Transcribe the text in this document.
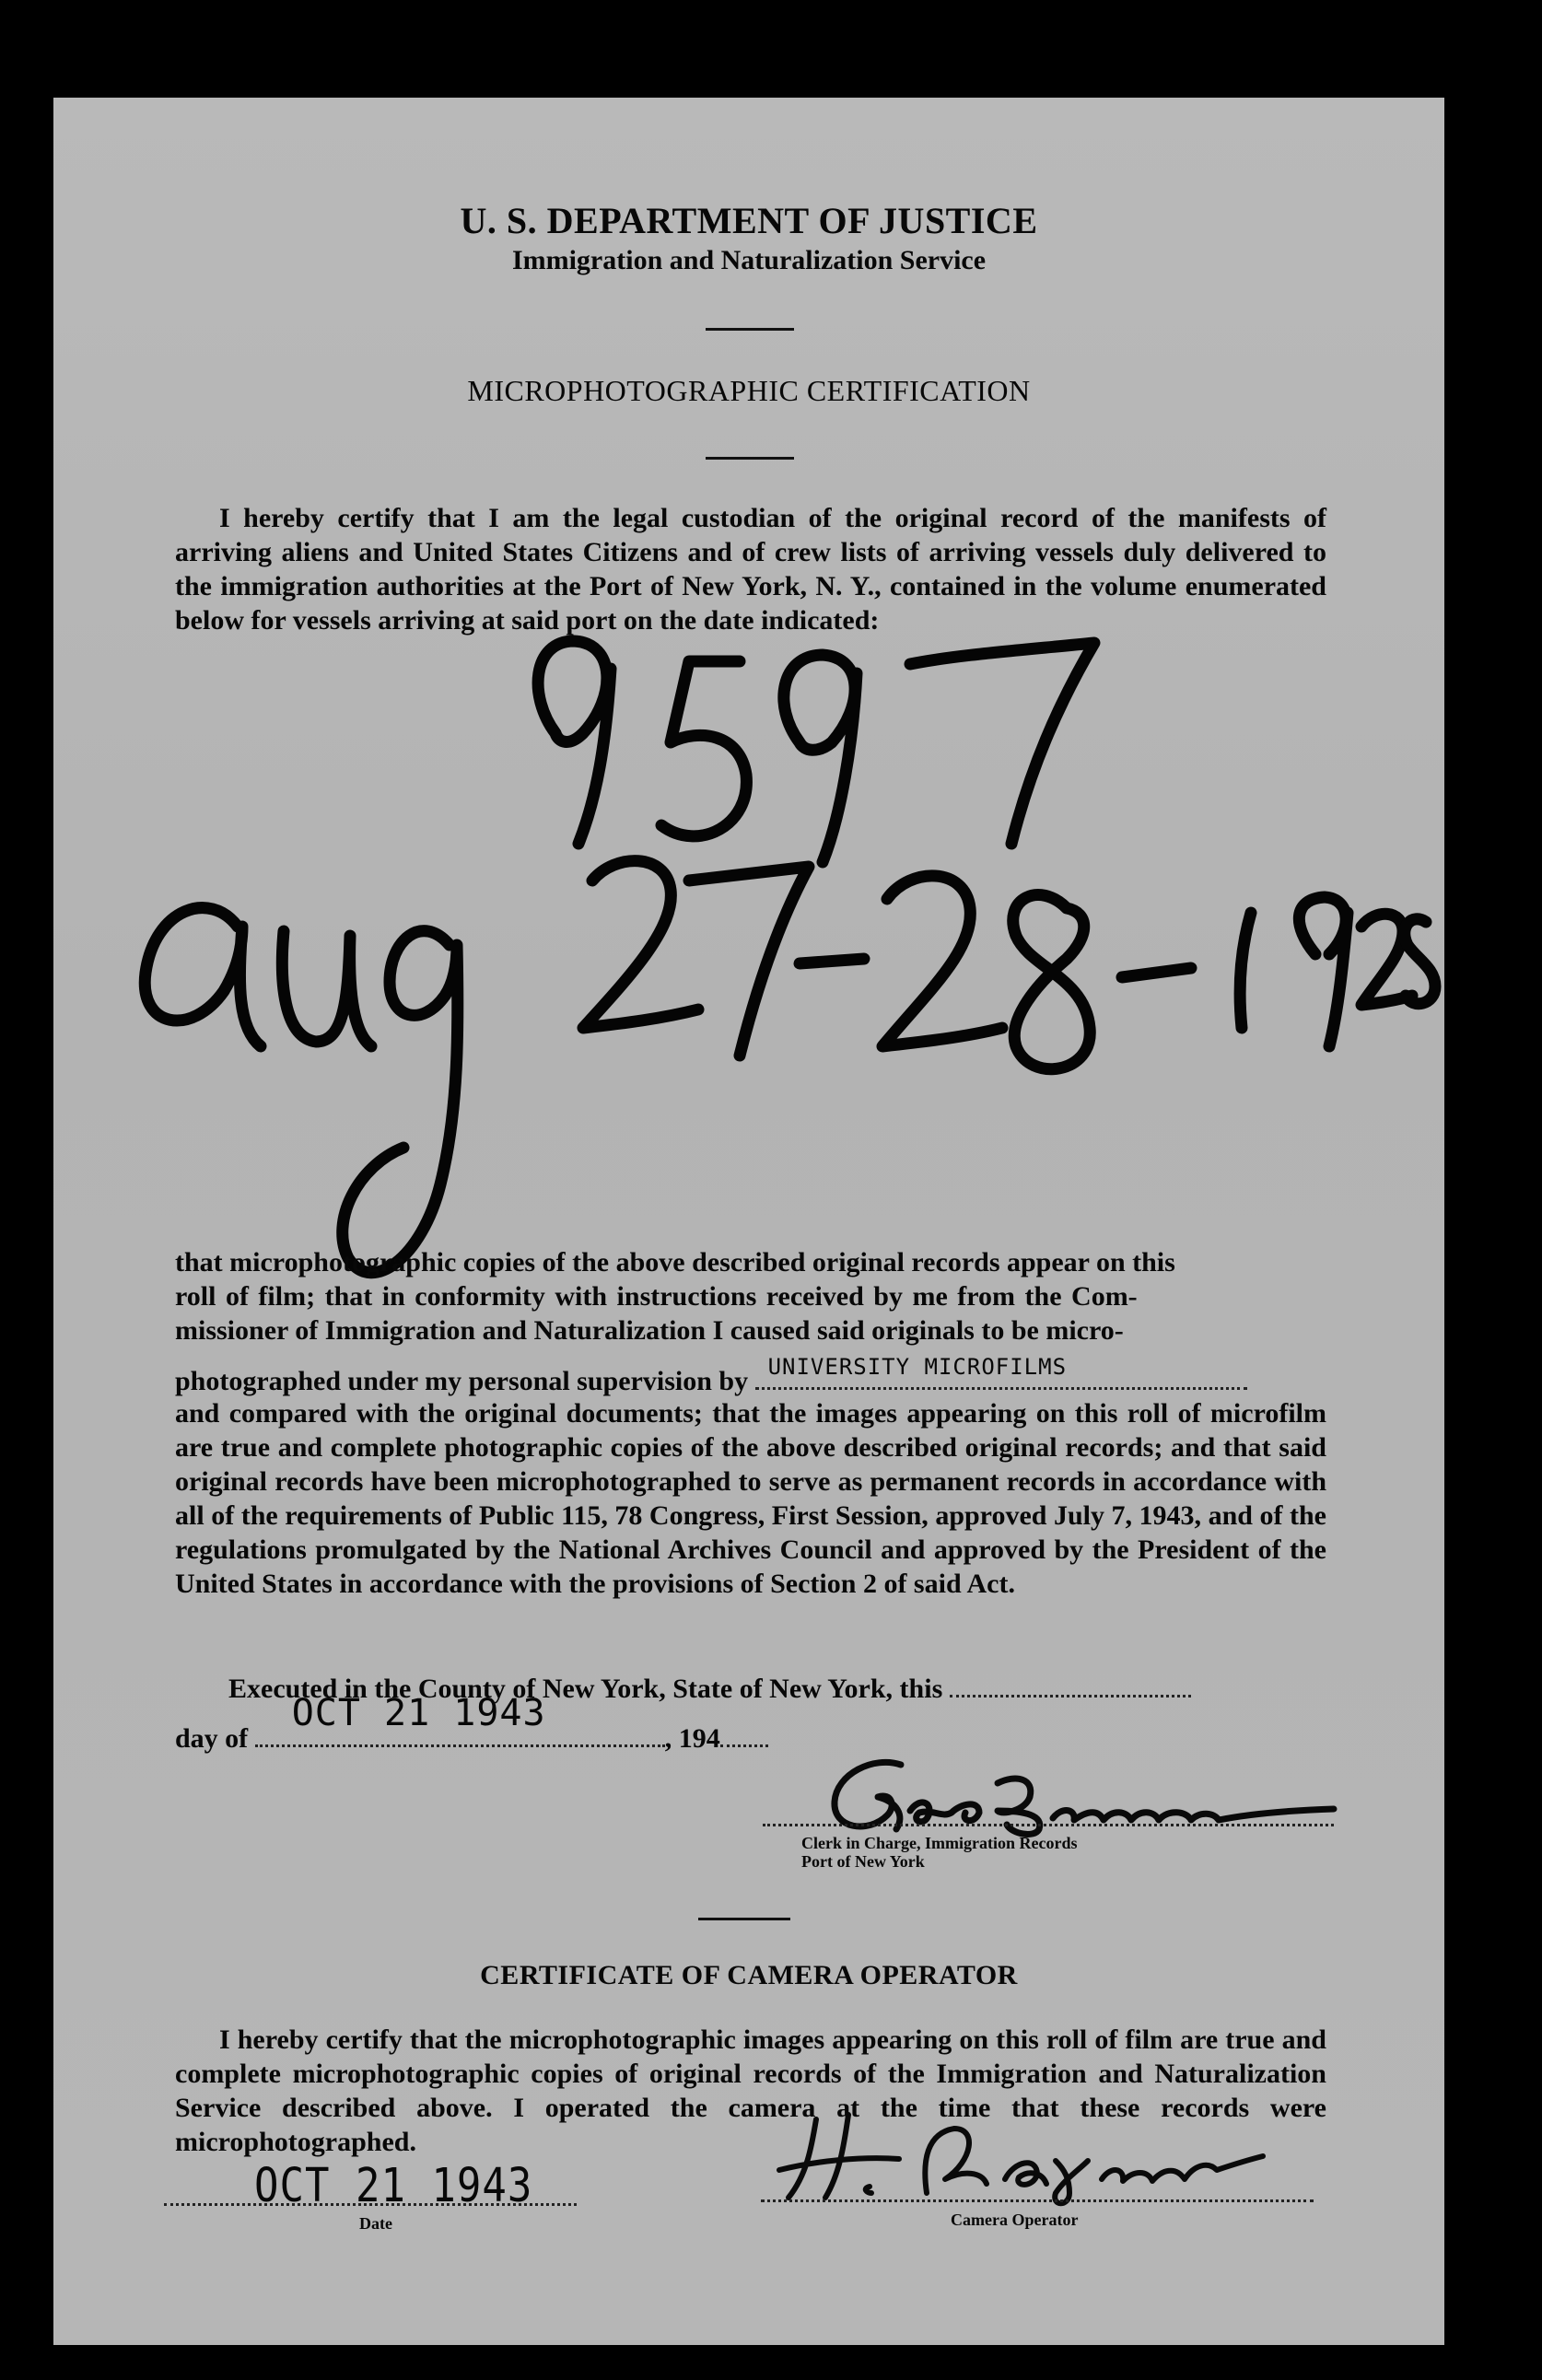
U. S. DEPARTMENT OF JUSTICE
Immigration and Naturalization Service
MICROPHOTOGRAPHIC CERTIFICATION
I hereby certify that I am the legal custodian of the original record of the manifests of arriving aliens and United States Citizens and of crew lists of arriving vessels duly delivered to the immigration authorities at the Port of New York, N. Y., contained in the volume enumerated below for vessels arriving at said port on the date indicated:
that microphotographic copies of the above described original records appear on this
roll of film; that in conformity with instructions received by me from the Com-
missioner of Immigration and Naturalization I caused said originals to be micro-
photographed under my personal supervision by UNIVERSITY MICROFILMS
and compared with the original documents; that the images appearing on this roll of microfilm are true and complete photographic copies of the above described original records; and that said original records have been microphotographed to serve as permanent records in accordance with all of the requirements of Public 115, 78 Congress, First Session, approved July 7, 1943, and of the regulations promulgated by the National Archives Council and approved by the President of the United States in accordance with the provisions of Section 2 of said Act.
Executed in the County of New York, State of New York, this
day of
OCT 21 1943
, 194
Clerk in Charge, Immigration Records
Port of New York
CERTIFICATE OF CAMERA OPERATOR
I hereby certify that the microphotographic images appearing on this roll of film are true and complete microphotographic copies of original records of the Immigration and Naturalization Service described above. I operated the camera at the time that these records were microphotographed.
OCT 21 1943
Date	Camera Operator
